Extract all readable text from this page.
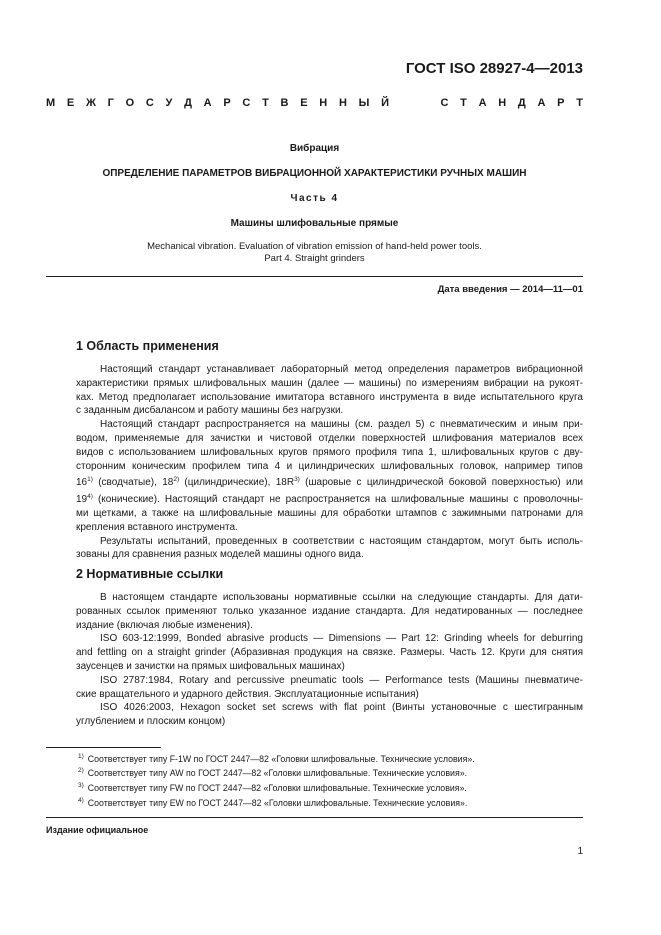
ГОСТ ISO 28927-4—2013
М Е Ж Г О С У Д А Р С Т В Е Н Н Ы Й	С Т А Н Д А Р Т
Вибрация
ОПРЕДЕЛЕНИЕ ПАРАМЕТРОВ ВИБРАЦИОННОЙ ХАРАКТЕРИСТИКИ РУЧНЫХ МАШИН
Часть 4
Машины шлифовальные прямые
Mechanical vibration. Evaluation of vibration emission of hand-held power tools.
Part 4. Straight grinders
Дата введения — 2014—11—01
1 Область применения
Настоящий стандарт устанавливает лабораторный метод определения параметров вибрационной
характеристики прямых шлифовальных машин (далее — машины) по измерениям вибрации на рукоят-
ках. Метод предполагает использование имитатора вставного инструмента в виде испытательного круга
с заданным дисбалансом и работу машины без нагрузки.
Настоящий стандарт распространяется на машины (см. раздел 5) с пневматическим и иным при-
водом, применяемые для зачистки и чистовой отделки поверхностей шлифования материалов всех
видов с использованием шлифовальных кругов прямого профиля типа 1, шлифовальных кругов с дву-
сторонним коническим профилем типа 4 и цилиндрических шлифовальных головок, например типов
16$^{1)}$ (сводчатые), 18$^{2)}$ (цилиндрические), $18R^{3)}$ (шаровые с цилиндрической боковой поверхностью) или
19$^{4)}$ (конические). Настоящий стандарт не распространяется на шлифовальные машины с проволочны-
ми щетками, а также на шлифовальные машины для обработки штампов с зажимными патронами для
крепления вставного инструмента.
Результаты испытаний, проведенных в соответствии с настоящим стандартом, могут быть исполь-
зованы для сравнения разных моделей машины одного вида.
2 Нормативные ссылки
В настоящем стандарте использованы нормативные ссылки на следующие стандарты. Для дати-
рованных ссылок применяют только указанное издание стандарта. Для недатированных — последнее
издание (включая любые изменения).
ISO 603-12:1999, Bonded abrasive products — Dimensions — Part 12: Grinding wheels for deburring
and fettling on a straight grinder (Абразивная продукция на связке. Размеры. Часть 12. Круги для снятия
заусенцев и зачистки на прямых шифовальных машинах)
ISO 2787:1984, Rotary and percussive pneumatic tools — Performance tests (Машины пневматиче-
ские вращательного и ударного действия. Эксплуатационные испытания)
ISO 4026:2003, Hexagon socket set screws with flat point (Винты установочные с шестигранным
углублением и плоским концом)
$^{1)}$ Соответствует типу F-1W по ГОСТ 2447—82 «Головки шлифовальные. Технические условия».
$^{2)}$ Соответствует типу AW по ГОСТ 2447—82 «Головки шлифовальные. Технические условия».
$^{3)}$ Соответствует типу FW по ГОСТ 2447—82 «Головки шлифовальные. Технические условия».
$^{4)}$ Соответствует типу EW по ГОСТ 2447—82 «Головки шлифовальные. Технические условия».
Издание официальное
1
